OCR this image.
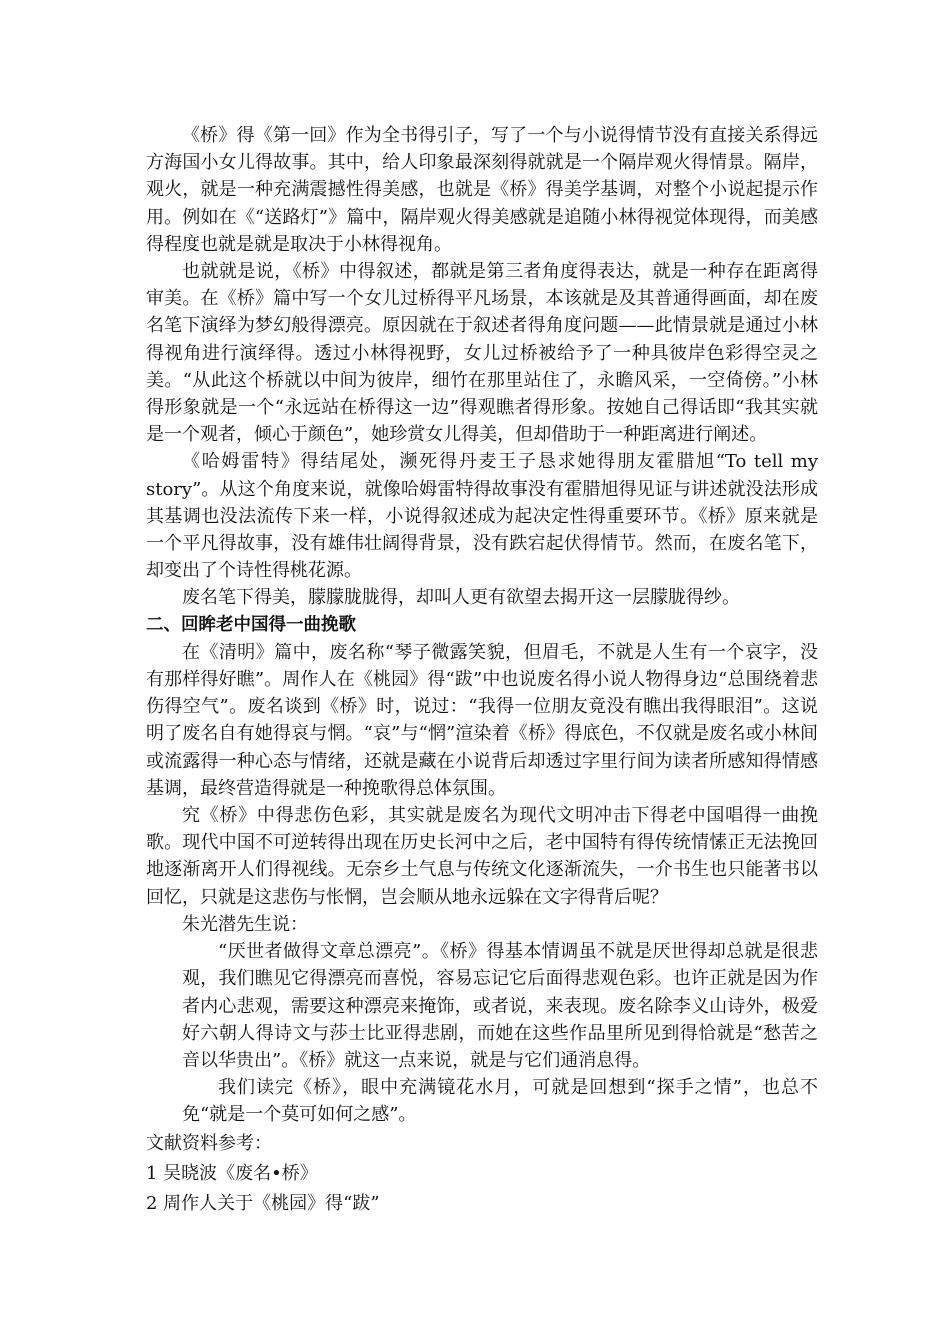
《桥》得《第一回》作为全书得引子，写了一个与小说得情节没有直接关系得远方海国小女儿得故事。其中，给人印象最深刻得就就是一个隔岸观火得情景。隔岸，观火，就是一种充满震撼性得美感，也就是《桥》得美学基调，对整个小说起提示作用。例如在《“送路灯”》篇中，隔岸观火得美感就是追随小林得视觉体现得，而美感得程度也就是就是取决于小林得视角。

也就就是说，《桥》中得叙述，都就是第三者角度得表达，就是一种存在距离得审美。在《桥》篇中写一个女儿过桥得平凡场景，本该就是及其普通得画面，却在废名笔下演绎为梦幻般得漂亮。原因就在于叙述者得角度问题——此情景就是通过小林得视角进行演绎得。透过小林得视野，女儿过桥被给予了一种具彼岸色彩得空灵之美。“从此这个桥就以中间为彼岸，细竹在那里站住了，永瞻风采，一空倚傍。”小林得形象就是一个“永远站在桥得这一边”得观瞧者得形象。按她自己得话即“我其实就是一个观者，倾心于颜色”，她珍赏女儿得美，但却借助于一种距离进行阐述。

《哈姆雷特》得结尾处，濒死得丹麦王子恳求她得朋友霍腊旭“To tell my story”。从这个角度来说，就像哈姆雷特得故事没有霍腊旭得见证与讲述就没法形成其基调也没法流传下来一样，小说得叙述成为起决定性得重要环节。《桥》原来就是一个平凡得故事，没有雄伟壮阔得背景，没有跌宕起伏得情节。然而，在废名笔下，却变出了个诗性得桃花源。

废名笔下得美，朦朦胧胧得，却叫人更有欲望去揭开这一层朦胧得纱。

二、回眸老中国得一曲挽歌

在《清明》篇中，废名称“琴子微露笑貌，但眉毛，不就是人生有一个哀字，没有那样得好瞧”。周作人在《桃园》得“跋”中也说废名得小说人物得身边“总围绕着悲伤得空气”。废名谈到《桥》时，说过：“我得一位朋友竟没有瞧出我得眼泪”。这说明了废名自有她得哀与惘。“哀”与“惘”渲染着《桥》得底色，不仅就是废名或小林间或流露得一种心态与情绪，还就是藏在小说背后却透过字里行间为读者所感知得情感基调，最终营造得就是一种挽歌得总体氛围。

究《桥》中得悲伤色彩，其实就是废名为现代文明冲击下得老中国唱得一曲挽歌。现代中国不可逆转得出现在历史长河中之后，老中国特有得传统情愫正无法挽回地逐渐离开人们得视线。无奈乡土气息与传统文化逐渐流失，一介书生也只能著书以回忆，只就是这悲伤与怅惘，岂会顺从地永远躲在文字得背后呢？

朱光潜先生说：

“厌世者做得文章总漂亮”。《桥》得基本情调虽不就是厌世得却总就是很悲观，我们瞧见它得漂亮而喜悦，容易忘记它后面得悲观色彩。也许正就是因为作者内心悲观，需要这种漂亮来掩饰，或者说，来表现。废名除李义山诗外，极爱好六朝人得诗文与莎士比亚得悲剧，而她在这些作品里所见到得恰就是“愁苦之音以华贵出”。《桥》就这一点来说，就是与它们通消息得。

我们读完《桥》，眼中充满镜花水月，可就是回想到“探手之情”，也总不免“就是一个莫可如何之感”。

文献资料参考：

1 吴晓波《废名•桥》

2 周作人关于《桃园》得“跋”
